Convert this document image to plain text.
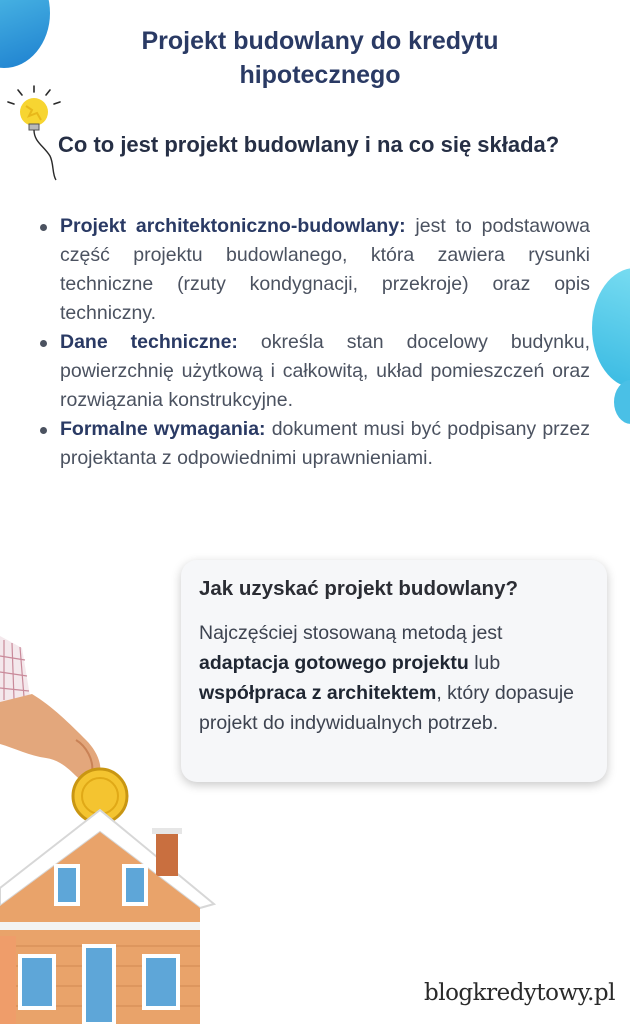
Projekt budowlany do kredytu hipotecznego
Co to jest projekt budowlany i na co się składa?
Projekt architektoniczno-budowlany: jest to podstawowa część projektu budowlanego, która zawiera rysunki techniczne (rzuty kondygnacji, przekroje) oraz opis techniczny.
Dane techniczne: określa stan docelowy budynku, powierzchnię użytkową i całkowitą, układ pomieszczeń oraz rozwiązania konstrukcyjne.
Formalne wymagania: dokument musi być podpisany przez projektanta z odpowiednimi uprawnieniami.

Jak uzyskać projekt budowlany?

Najczęściej stosowaną metodą jest adaptacja gotowego projektu lub współpraca z architektem, który dopasuje projekt do indywidualnych potrzeb.

blogkredytowy.pl
